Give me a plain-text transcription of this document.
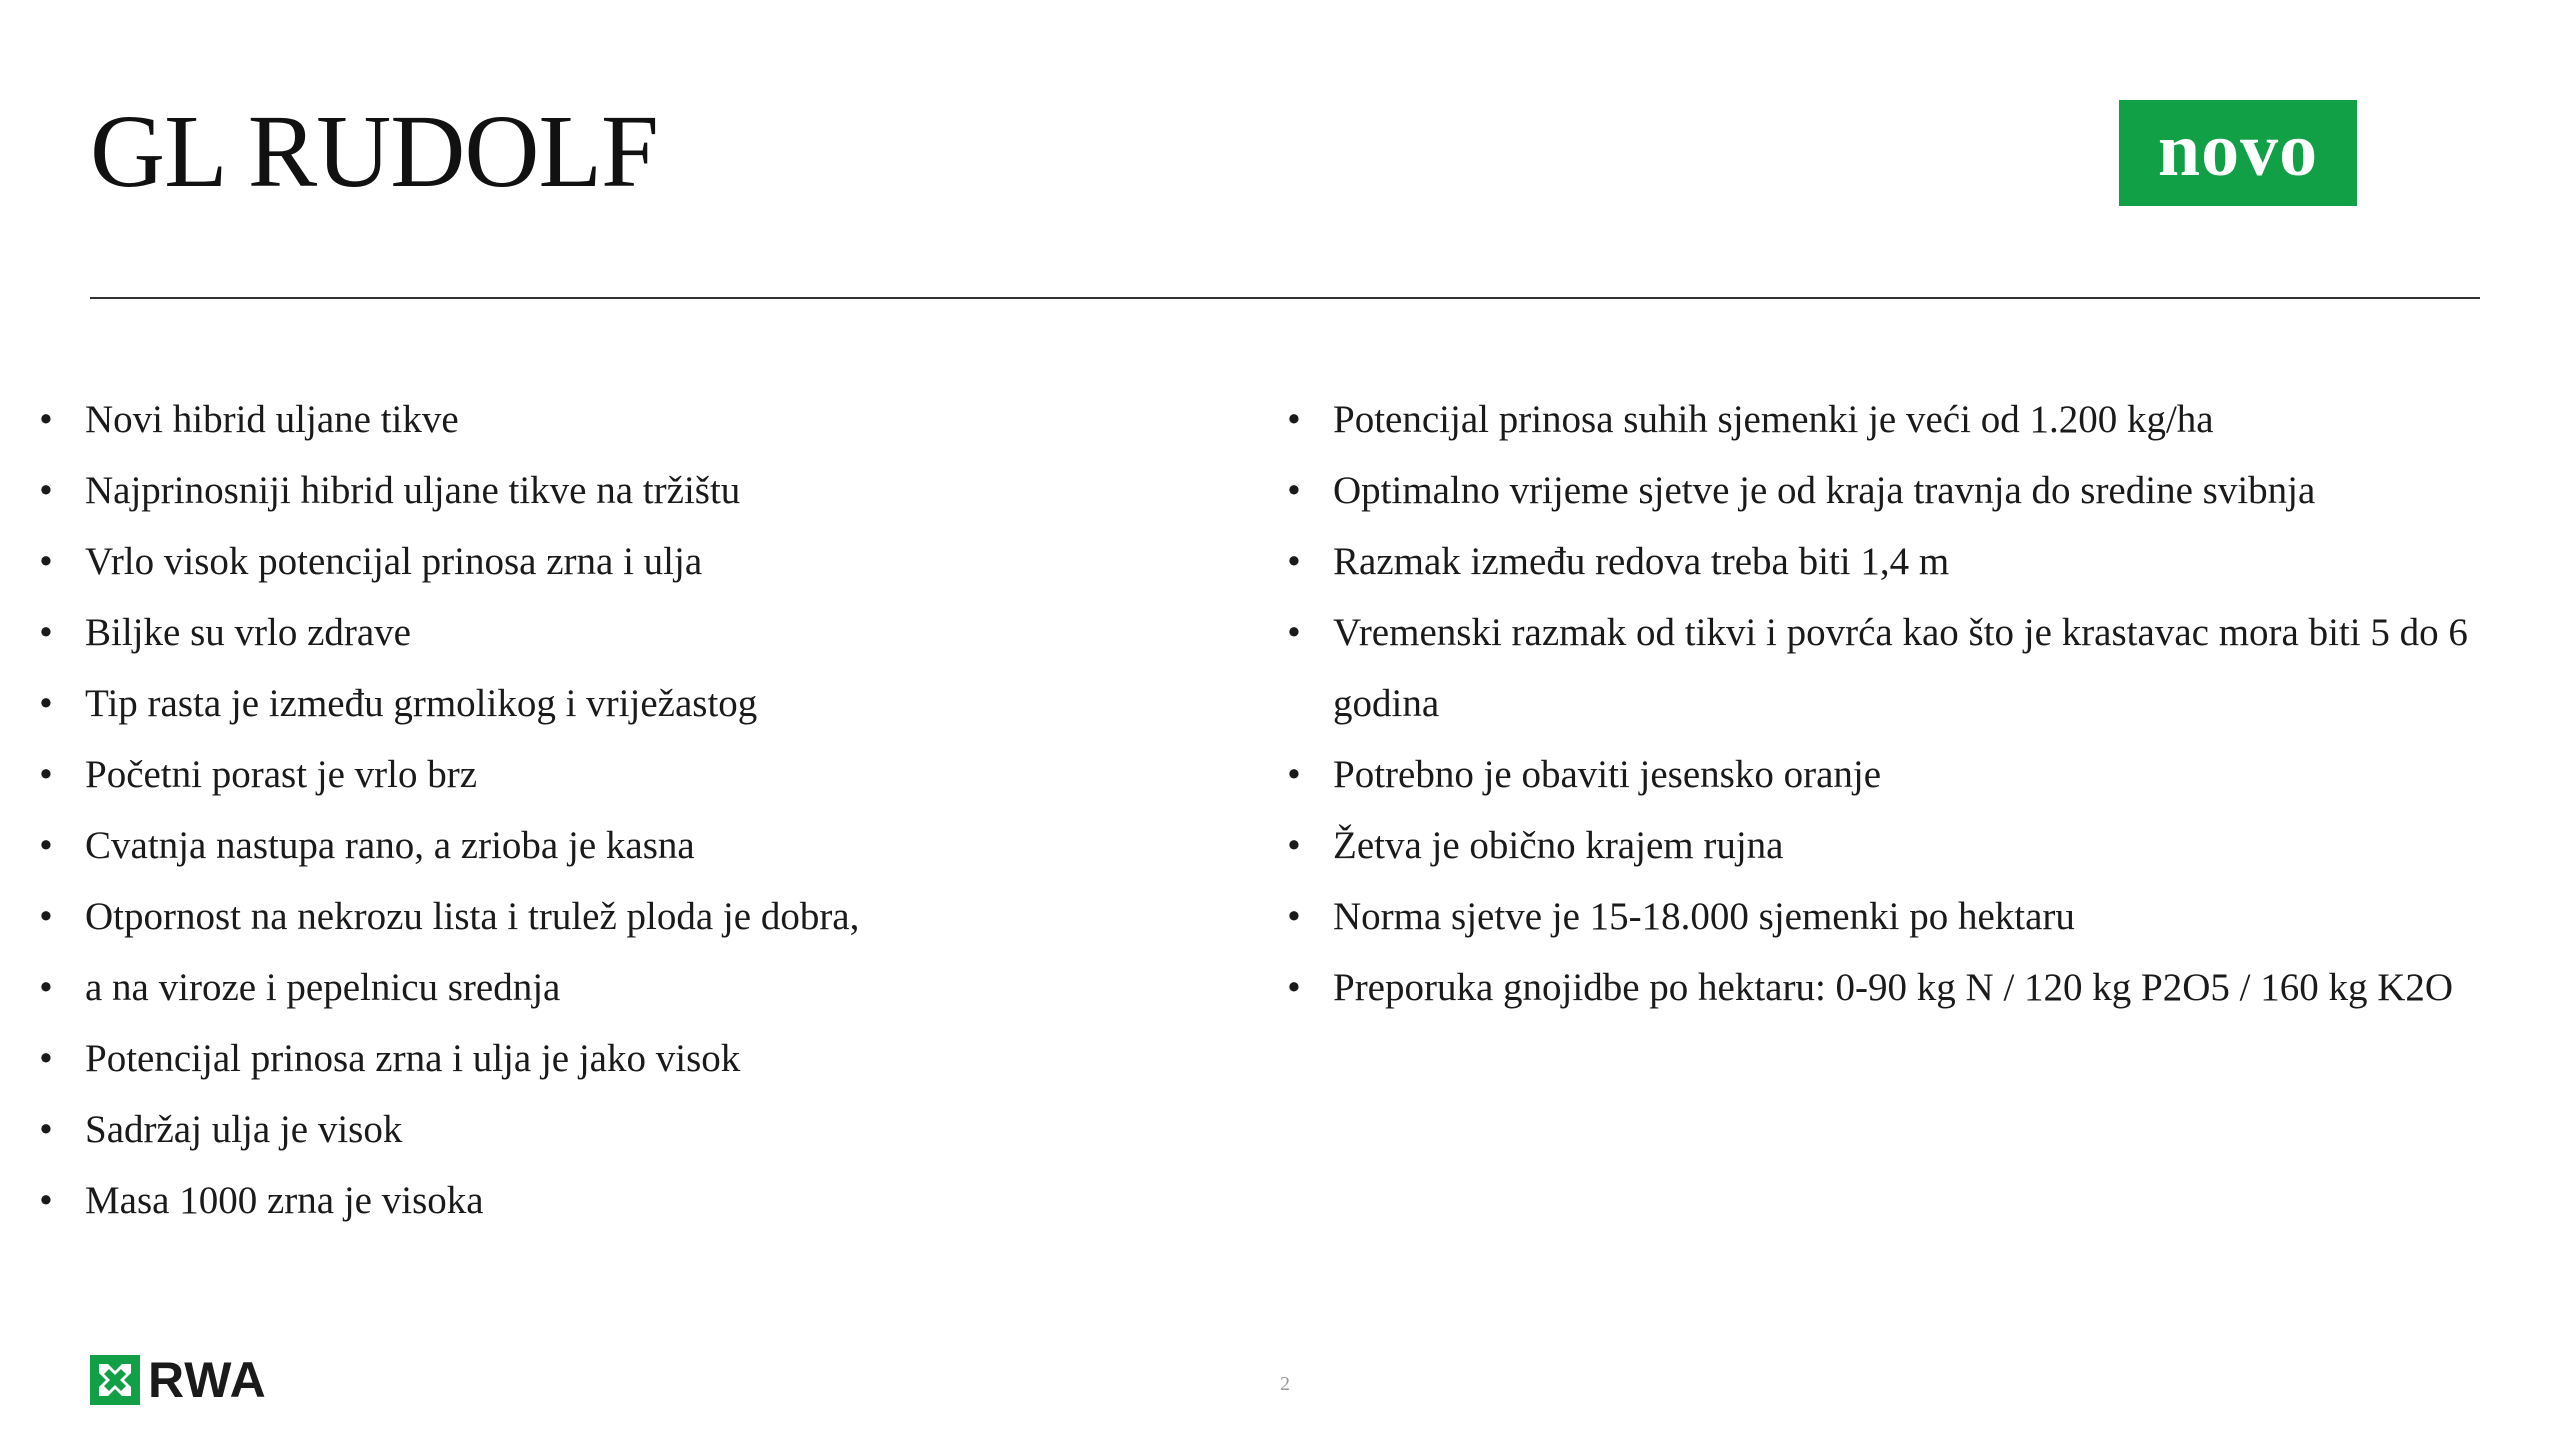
GL RUDOLF	novo
• Novi hibrid uljane tikve
• Najprinosniji hibrid uljane tikve na tržištu
• Vrlo visok potencijal prinosa zrna i ulja
• Biljke su vrlo zdrave
• Tip rasta je između grmolikog i vriježastog
• Početni porast je vrlo brz
• Cvatnja nastupa rano, a zrioba je kasna
• Otpornost na nekrozu lista i trulež ploda je dobra,
• a na viroze i pepelnicu srednja
• Potencijal prinosa zrna i ulja je jako visok
• Sadržaj ulja je visok
• Masa 1000 zrna je visoka
• Potencijal prinosa suhih sjemenki je veći od 1.200 kg/ha
• Optimalno vrijeme sjetve je od kraja travnja do sredine svibnja
• Razmak između redova treba biti 1,4 m
• Vremenski razmak od tikvi i povrća kao što je krastavac mora biti 5 do 6 godina
• Potrebno je obaviti jesensko oranje
• Žetva je obično krajem rujna
• Norma sjetve je 15-18.000 sjemenki po hektaru
• Preporuka gnojidbe po hektaru: 0-90 kg N / 120 kg P2O5 / 160 kg K2O
RWA	2
